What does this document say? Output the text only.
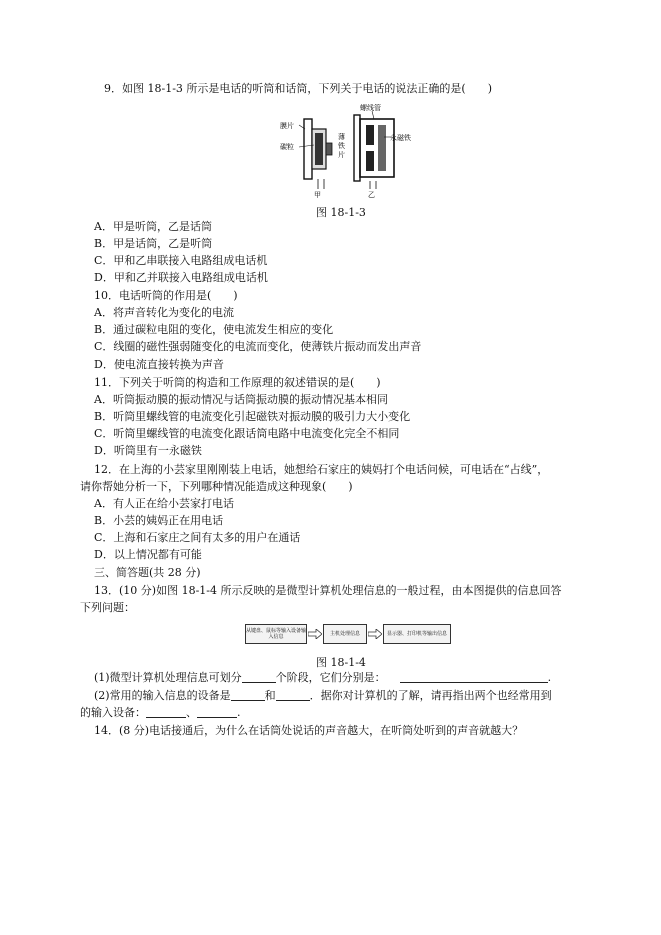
9．如图 18-1-3 所示是电话的听筒和话筒，下列关于电话的说法正确的是(　　)
膜片
碳粒
甲
螺线管
永磁铁
薄铁片
乙
图 18-1-3
A．甲是听筒，乙是话筒
B．甲是话筒，乙是听筒
C．甲和乙串联接入电路组成电话机
D．甲和乙并联接入电路组成电话机
10．电话听筒的作用是(　　)
A．将声音转化为变化的电流
B．通过碳粒电阻的变化，使电流发生相应的变化
C．线圈的磁性强弱随变化的电流而变化，使薄铁片振动而发出声音
D．使电流直接转换为声音
11．下列关于听筒的构造和工作原理的叙述错误的是(　　)
A．听筒振动膜的振动情况与话筒振动膜的振动情况基本相同
B．听筒里螺线管的电流变化引起磁铁对振动膜的吸引力大小变化
C．听筒里螺线管的电流变化跟话筒电路中电流变化完全不相同
D．听筒里有一永磁铁
12．在上海的小芸家里刚刚装上电话，她想给石家庄的姨妈打个电话问候，可电话在“占线”，
请你帮她分析一下，下列哪种情况能造成这种现象(　　)
A．有人正在给小芸家打电话
B．小芸的姨妈正在用电话
C．上海和石家庄之间有太多的用户在通话
D．以上情况都有可能
三、简答题(共 28 分)
13．(10 分)如图 18-1-4 所示反映的是微型计算机处理信息的一般过程，由本图提供的信息回答
下列问题：
从键盘、鼠标等输入设备输入信息	主机处理信息	显示器、打印机等输出信息
图 18-1-4
(1)微型计算机处理信息可划分	个阶段，它们分别是：	.
(2)常用的输入信息的设备是	和	．据你对计算机的了解，请再指出两个也经常用到
的输入设备：	、	.
14．(8 分)电话接通后，为什么在话筒处说话的声音越大，在听筒处听到的声音就越大？
